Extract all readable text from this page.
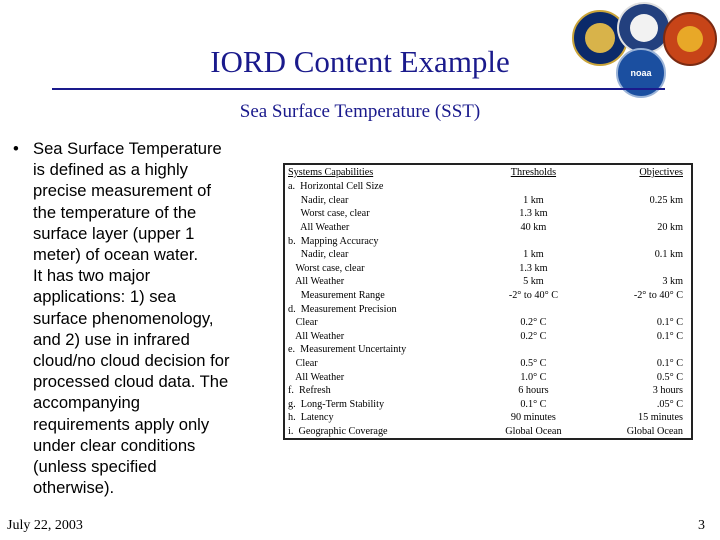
noaa
IORD Content Example
Sea Surface Temperature (SST)
• Sea Surface Temperature
is defined as a highly
precise measurement of
the temperature of the
surface layer (upper 1
meter) of ocean water.
It has two major
applications: 1) sea
surface phenomenology,
and 2) use in infrared
cloud/no cloud decision for
processed cloud data. The
accompanying
requirements apply only
under clear conditions
(unless specified
otherwise).
Systems Capabilities	Thresholds	Objectives
a.  Horizontal Cell Size		
Nadir, clear	1 km	0.25 km
Worst case, clear	1.3 km	
All Weather	40 km	20 km
b.  Mapping Accuracy		
Nadir, clear	1 km	0.1 km
Worst case, clear	1.3 km	
All Weather	5 km	3 km
Measurement Range	-2° to 40° C	-2° to 40° C
d.  Measurement Precision		
Clear	0.2° C	0.1° C
All Weather	0.2° C	0.1° C
e.  Measurement Uncertainty		
Clear	0.5° C	0.1° C
All Weather	1.0° C	0.5° C
f.  Refresh	6 hours	3 hours
g.  Long-Term Stability	0.1° C	.05° C
h.  Latency	90 minutes	15 minutes
i.  Geographic Coverage	Global Ocean	Global Ocean
July 22, 2003	3
